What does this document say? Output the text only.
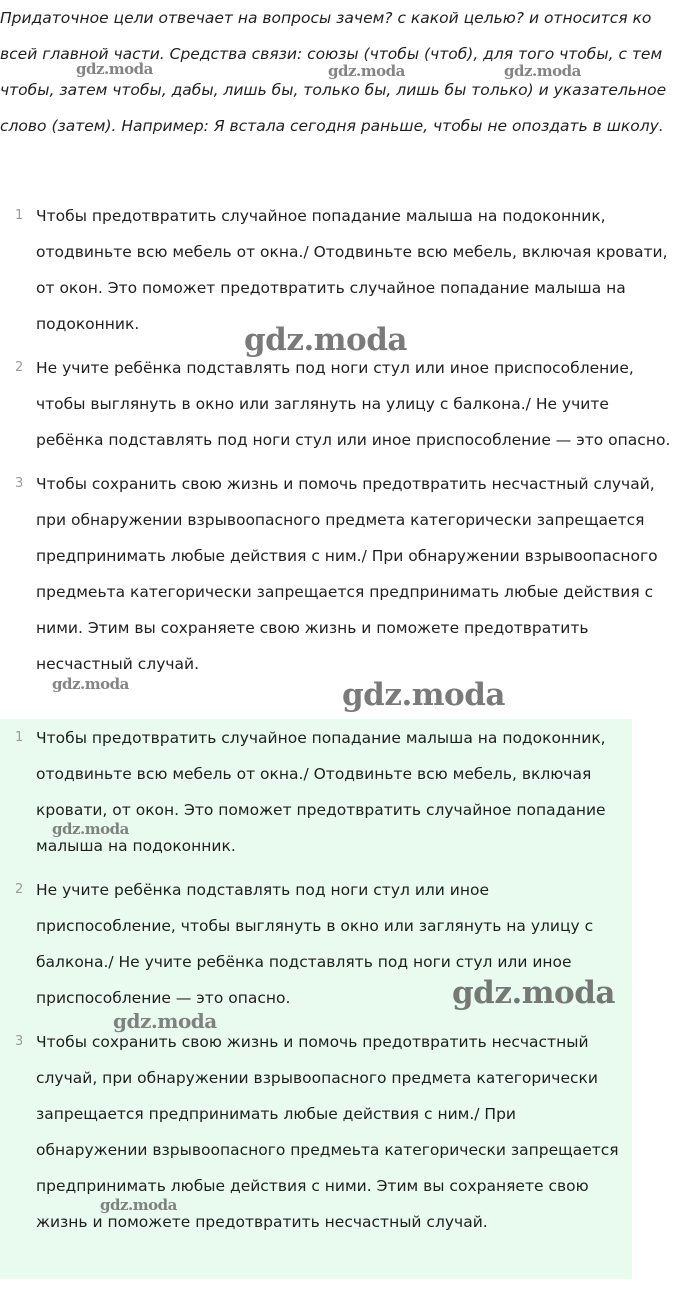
Придаточное цели отвечает на вопросы зачем? с какой целью? и относится ко всей главной части. Средства связи: союзы (чтобы (чтоб), для того чтобы, с тем чтобы, затем чтобы, дабы, лишь бы, только бы, лишь бы только) и указательное слово (затем). Например: Я встала сегодня раньше, чтобы не опоздать в школу.

1 Чтобы предотвратить случайное попадание малыша на подоконник, отодвиньте всю мебель от окна./ Отодвиньте всю мебель, включая кровати, от окон. Это поможет предотвратить случайное попадание малыша на подоконник.
2 Не учите ребёнка подставлять под ноги стул или иное приспособление, чтобы выглянуть в окно или заглянуть на улицу с балкона./ Не учите ребёнка подставлять под ноги стул или иное приспособление — это опасно.
3 Чтобы сохранить свою жизнь и помочь предотвратить несчастный случай, при обнаружении взрывоопасного предмета категорически запрещается предпринимать любые действия с ним./ При обнаружении взрывоопасного предмеьта категорически запрещается предпринимать любые действия с ними. Этим вы сохраняете свою жизнь и поможете предотвратить несчастный случай.
1 Чтобы предотвратить случайное попадание малыша на подоконник, отодвиньте всю мебель от окна./ Отодвиньте всю мебель, включая кровати, от окон. Это поможет предотвратить случайное попадание малыша на подоконник.
2 Не учите ребёнка подставлять под ноги стул или иное приспособление, чтобы выглянуть в окно или заглянуть на улицу с балкона./ Не учите ребёнка подставлять под ноги стул или иное приспособление — это опасно.
3 Чтобы сохранить свою жизнь и помочь предотвратить несчастный случай, при обнаружении взрывоопасного предмета категорически запрещается предпринимать любые действия с ним./ При обнаружении взрывоопасного предмеьта категорически запрещается предпринимать любые действия с ними. Этим вы сохраняете свою жизнь и поможете предотвратить несчастный случай.
gdz.moda	gdz.moda	gdz.moda
gdz.moda
gdz.moda	gdz.moda
gdz.moda
gdz.moda
gdz.moda
gdz.moda
